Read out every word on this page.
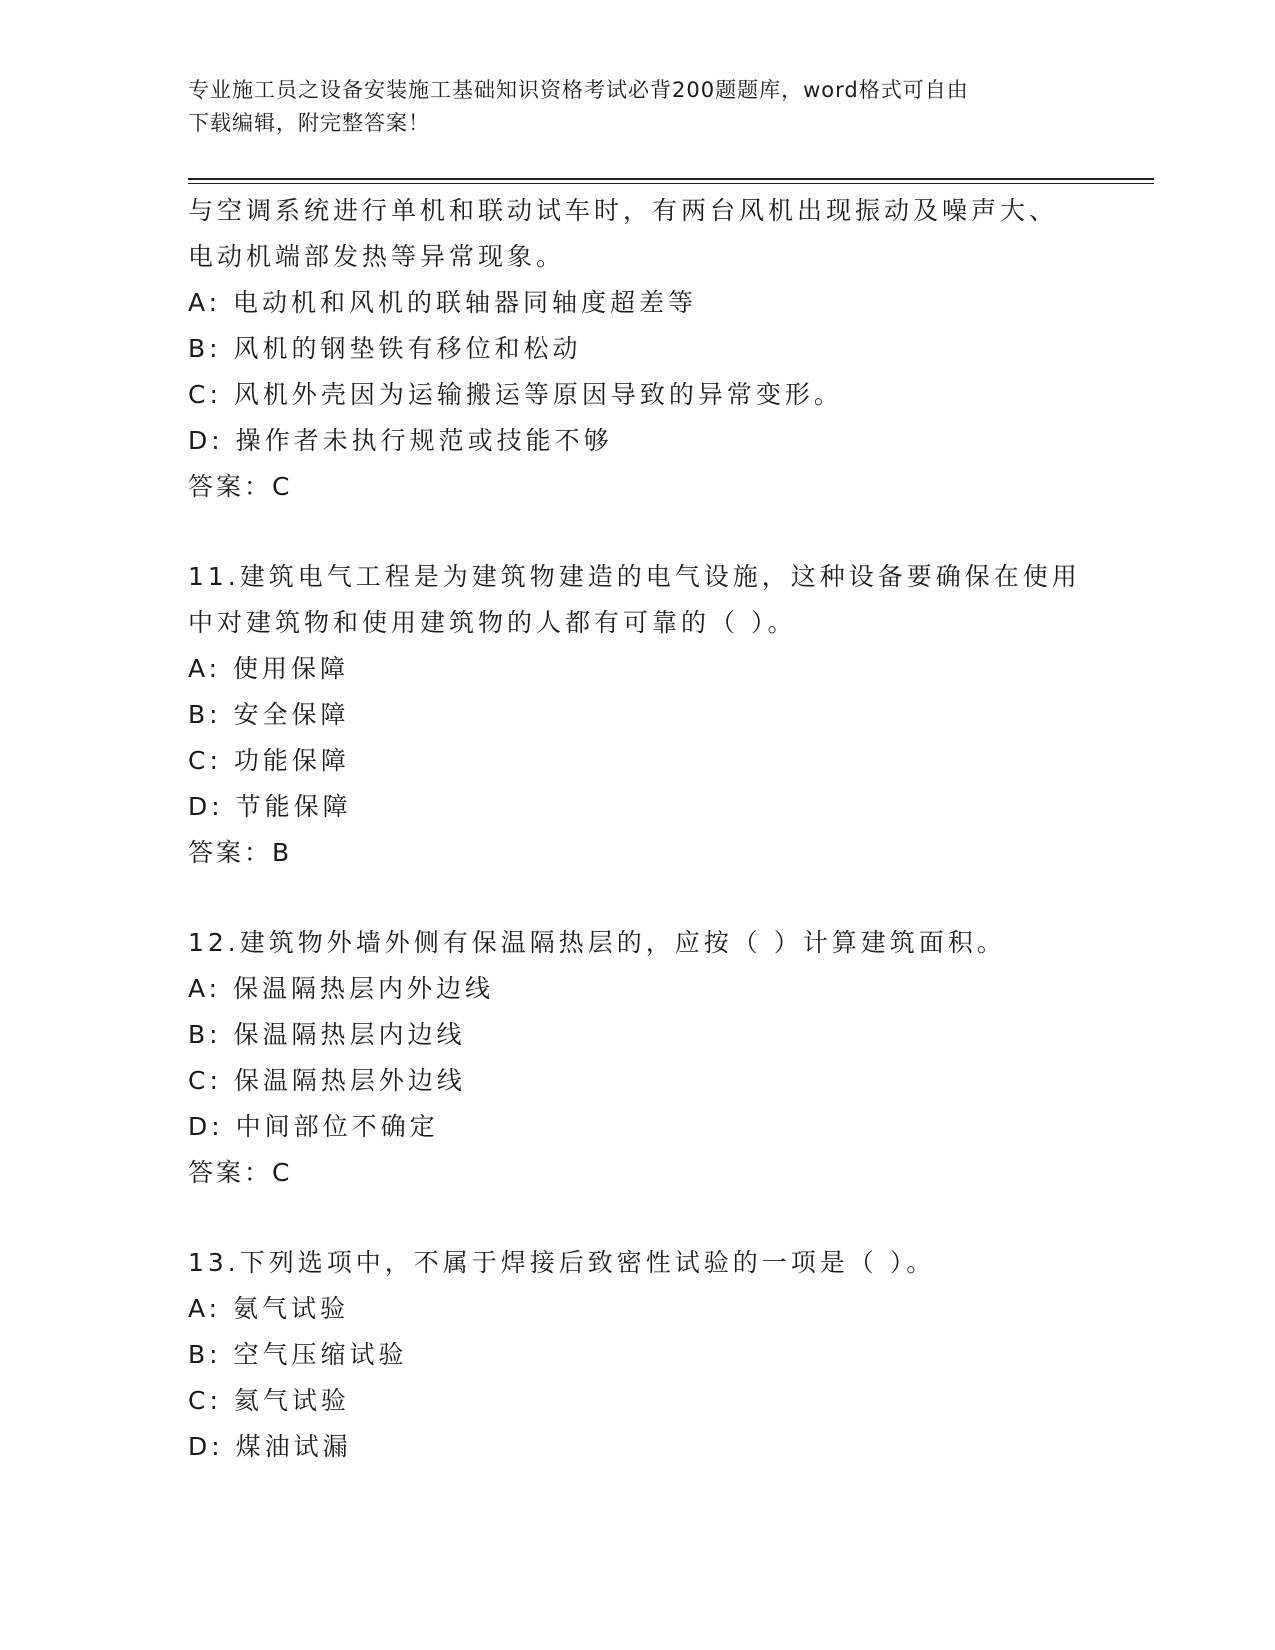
专业施工员之设备安装施工基础知识资格考试必背200题题库，word格式可自由
下载编辑，附完整答案！
与空调系统进行单机和联动试车时，有两台风机出现振动及噪声大、
电动机端部发热等异常现象。
A: 电动机和风机的联轴器同轴度超差等
B: 风机的钢垫铁有移位和松动
C: 风机外壳因为运输搬运等原因导致的异常变形。
D: 操作者未执行规范或技能不够
答案：C
11.建筑电气工程是为建筑物建造的电气设施，这种设备要确保在使用
中对建筑物和使用建筑物的人都有可靠的（ ）。
A: 使用保障
B: 安全保障
C: 功能保障
D: 节能保障
答案：B
12.建筑物外墙外侧有保温隔热层的，应按（ ）计算建筑面积。
A: 保温隔热层内外边线
B: 保温隔热层内边线
C: 保温隔热层外边线
D: 中间部位不确定
答案：C
13.下列选项中，不属于焊接后致密性试验的一项是（ ）。
A: 氨气试验
B: 空气压缩试验
C: 氦气试验
D: 煤油试漏
